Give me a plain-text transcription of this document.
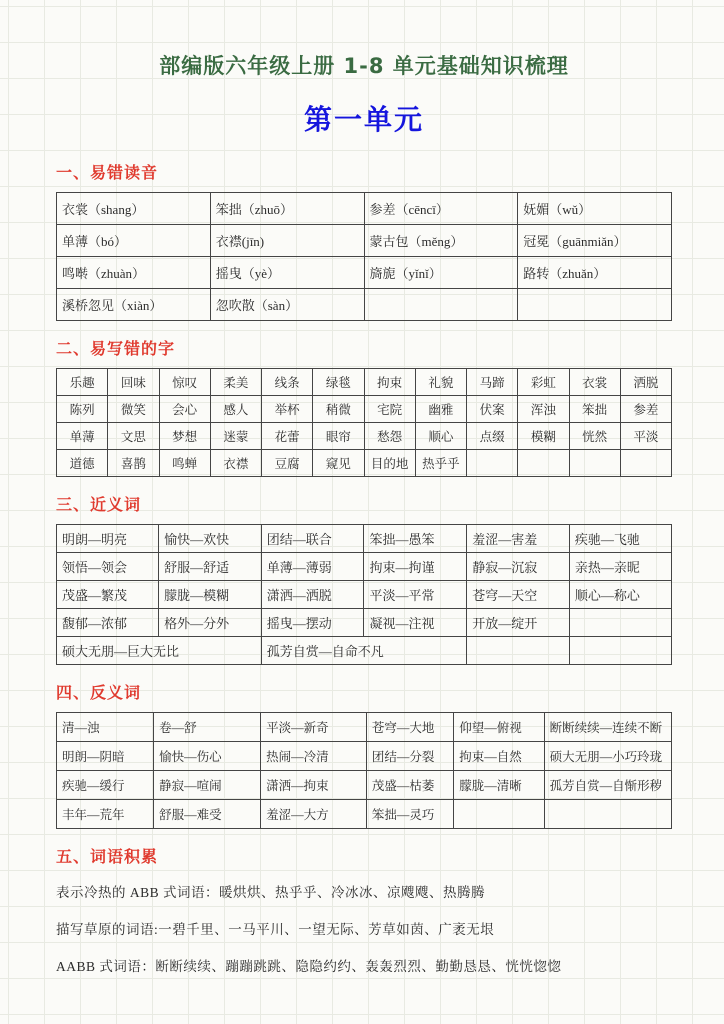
部编版六年级上册 1-8 单元基础知识梳理
第一单元
一、易错读音
衣裳（shang）	笨拙（zhuō）	参差（cēncī）	妩媚（wǔ）
单薄（bó）	衣襟(jīn)	蒙古包（měng）	冠冕（guānmiǎn）
鸣啭（zhuàn）	摇曳（yè）	旖旎（yǐnǐ）	路转（zhuǎn）
溪桥忽见（xiàn）	忽吹散（sàn）		
二、易写错的字
乐趣	回味	惊叹	柔美	线条	绿毯	拘束	礼貌	马蹄	彩虹	衣裳	洒脱
陈列	微笑	会心	感人	举杯	稍微	宅院	幽雅	伏案	浑浊	笨拙	参差
单薄	文思	梦想	迷蒙	花蕾	眼帘	愁怨	顺心	点缀	模糊	恍然	平淡
道德	喜鹊	鸣蝉	衣襟	豆腐	窥见	目的地	热乎乎				
三、近义词
明朗—明亮	愉快—欢快	团结—联合	笨拙—愚笨	羞涩—害羞	疾驰—飞驰
领悟—领会	舒服—舒适	单薄—薄弱	拘束—拘谨	静寂—沉寂	亲热—亲昵
茂盛—繁茂	朦胧—模糊	潇洒—洒脱	平淡—平常	苍穹—天空	顺心—称心
馥郁—浓郁	格外—分外	摇曳—摆动	凝视—注视	开放—绽开	
硕大无朋—巨大无比		孤芳自赏—自命不凡			
四、反义词
清—浊	卷—舒	平淡—新奇	苍穹—大地	仰望—俯视	断断续续—连续不断
明朗—阴暗	愉快—伤心	热闹—冷清	团结—分裂	拘束—自然	硕大无朋—小巧玲珑
疾驰—缓行	静寂—喧闹	潇洒—拘束	茂盛—枯萎	朦胧—清晰	孤芳自赏—自惭形秽
丰年—荒年	舒服—难受	羞涩—大方	笨拙—灵巧		
五、词语积累

表示冷热的 ABB 式词语：暖烘烘、热乎乎、冷冰冰、凉飕飕、热腾腾

描写草原的词语:一碧千里、一马平川、一望无际、芳草如茵、广袤无垠

AABB 式词语：断断续续、蹦蹦跳跳、隐隐约约、轰轰烈烈、勤勤恳恳、恍恍惚惚
